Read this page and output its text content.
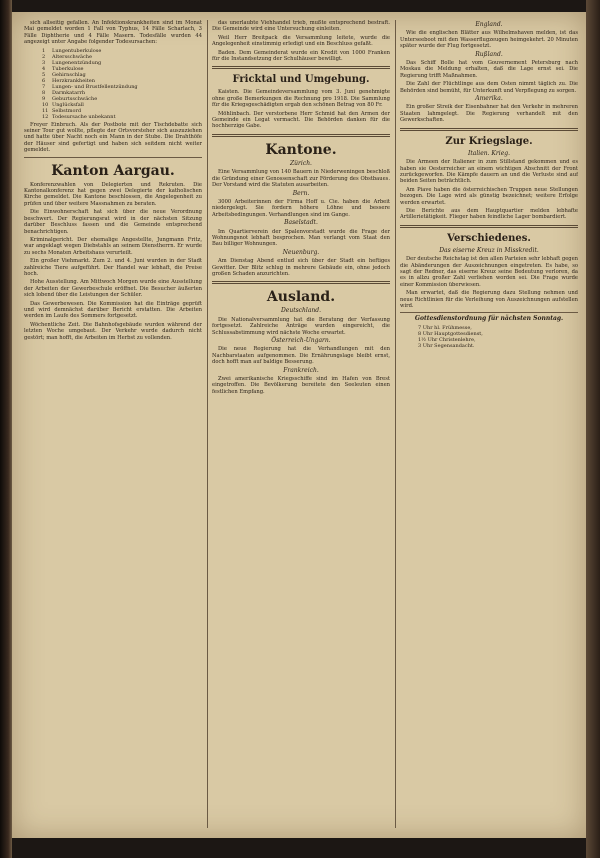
sich allseitig gefallen. An Infektionskrankheiten sind im Monat Mai gemeldet worden 1 Fall von Typhus, 14 Fälle Scharlach, 3 Fälle Diphtherie und 4 Fälle Masern. Todesfälle wurden 44 angezeigt unter Angabe folgender Todesursachen:

1 Lungentuberkulose
2 Altersschwäche
3 Lungenentzündung
4 Tuberkulose
5 Gehirnschlag
6 Herzkrankheiten
7 Lungen- und Brustfellentzündung
8 Darmkatarrh
9 Geburtsschwäche
10 Unglücksfall
11 Selbstmord
12 Todesursache unbekannt

Freyer Einbruch. Als der Postbote mit der Tischdebatte sich seiner Tour gut wollte, pflegte der Ortsvorsteher sich auszuziehen und hatte über Nacht noch ein Mann in der Stube. Die Drahthöfe der Häuser sind gefertigt und haben sich seitdem nicht weiter gemeldet.

Kanton Aargau.

Konferenzwahlen von Delegierten und Rekruten. Die Kantonalkonferenz hat gegen zwei Delegierte der katholischen Kirche gemeldet. Die Kantone beschlossen, die Angelegenheit zu prüfen und über weitere Massnahmen zu beraten.

Die Einwohnerschaft hat sich über die neue Verordnung beschwert. Der Regierungsrat wird in der nächsten Sitzung darüber Beschluss fassen und die Gemeinde entsprechend benachrichtigen.

Kriminalgericht. Der ehemalige Angestellte, Jungmann Fritz, war angeklagt wegen Diebstahls an seinem Dienstherrn. Er wurde zu sechs Monaten Arbeitshaus verurteilt.

Ein großer Viehmarkt. Zum 2. und 4. Juni wurden in der Stadt zahlreiche Tiere aufgeführt. Der Handel war lebhaft, die Preise hoch.

Hohe Ausstellung. Am Mittwoch Morgen wurde eine Ausstellung der Arbeiten der Gewerbeschule eröffnet. Die Besucher äußerten sich lobend über die Leistungen der Schüler.

Das Gewerbewesen. Die Kommission hat die Einträge geprüft und wird demnächst darüber Bericht erstatten. Die Arbeiten werden im Laufe des Sommers fortgesetzt.

Wöchentliche Zeit. Die Bahnhofsgebäude wurden während der letzten Woche umgebaut. Der Verkehr wurde dadurch nicht gestört; man hofft, die Arbeiten im Herbst zu vollenden.

das unerlaubte Viehhandel trieb, mußte entsprechend bestraft. Die Gemeinde wird eine Untersuchung einleiten.

Weil Herr Breitpack die Versammlung leitete, wurde die Angelegenheit einstimmig erledigt und ein Beschluss gefaßt.

Baden. Dem Gemeinderat wurde ein Kredit von 1000 Franken für die Instandsetzung der Schulhäuser bewilligt.

Fricktal und Umgebung.

Kaisten. Die Gemeindeversammlung vom 3. Juni genehmigte ohne große Bemerkungen die Rechnung pro 1918. Die Sammlung für die Kriegsgeschädigten ergab den schönen Betrag von 80 Fr.

Möhlinbach. Der verstorbene Herr Schmid hat den Armen der Gemeinde ein Legat vermacht. Die Behörden danken für die hochherzige Gabe.

Kantone.
Zürich.

Eine Versammlung von 140 Bauern in Niederweningen beschloß die Gründung einer Genossenschaft zur Förderung des Obstbaues. Der Vorstand wird die Statuten ausarbeiten.

Bern.

3000 Arbeiterinnen der Firma Hoff u. Cie. haben die Arbeit niedergelegt. Sie fordern höhere Löhne und bessere Arbeitsbedingungen. Verhandlungen sind im Gange.

Baselstadt.

Im Quartierverein der Spalenvorstadt wurde die Frage der Wohnungsnot lebhaft besprochen. Man verlangt vom Staat den Bau billiger Wohnungen.

Neuenburg.

Am Dienstag Abend entlud sich über der Stadt ein heftiges Gewitter. Der Blitz schlug in mehrere Gebäude ein, ohne jedoch großen Schaden anzurichten.

Ausland.
Deutschland.

Die Nationalversammlung hat die Beratung der Verfassung fortgesetzt. Zahlreiche Anträge wurden eingereicht, die Schlussabstimmung wird nächste Woche erwartet.

Österreich-Ungarn.

Die neue Regierung hat die Verhandlungen mit den Nachbarstaaten aufgenommen. Die Ernährungslage bleibt ernst, doch hofft man auf baldige Besserung.

Frankreich.

Zwei amerikanische Kriegsschiffe sind im Hafen von Brest eingetroffen. Die Bevölkerung bereitete den Seeleuten einen festlichen Empfang.

England.

Wie die englischen Blätter aus Wilhelmshaven melden, ist das Unterseeboot mit den Wasserflugzeugen heimgekehrt. 20 Minuten später wurde der Flug fortgesetzt.

Rußland.

Das Schiff Bolle hat vom Gouvernement Petersburg nach Moskau die Meldung erhalten, daß die Lage ernst sei. Die Regierung trifft Maßnahmen.

Die Zahl der Flüchtlinge aus dem Osten nimmt täglich zu. Die Behörden sind bemüht, für Unterkunft und Verpflegung zu sorgen.

Amerika.

Ein großer Streik der Eisenbahner hat den Verkehr in mehreren Staaten lahmgelegt. Die Regierung verhandelt mit den Gewerkschaften.

Zur Kriegslage.
Italien. Krieg.

Die Armeen der Italiener in zum Stillstand gekommen und es haben sie Oesterreicher an einem wichtigen Abschnitt der Front zurückgeworfen. Die Kämpfe dauern an und die Verluste sind auf beiden Seiten beträchtlich.

Am Piave haben die österreichischen Truppen neue Stellungen bezogen. Die Lage wird als günstig bezeichnet; weitere Erfolge werden erwartet.

Die Berichte aus dem Hauptquartier melden lebhafte Artillerietätigkeit. Flieger haben feindliche Lager bombardiert.

Verschiedenes.
Das eiserne Kreuz in Misskredit.

Der deutsche Reichstag ist den allen Parteien sehr lebhaft gegen die Abänderungen der Auszeichnungen eingetreten. Es habe, so sagt der Redner, das eiserne Kreuz seine Bedeutung verloren, da es in allzu großer Zahl verliehen worden sei. Die Frage wurde einer Kommission überwiesen.

Man erwartet, daß die Regierung dazu Stellung nehmen und neue Richtlinien für die Verleihung von Auszeichnungen aufstellen wird.

Gottesdienstordnung für nächsten Sonntag.
7 Uhr hl. Frühmesse,
8 Uhr Hauptgottesdienst,
1½ Uhr Christenlehre,
3 Uhr Segensandacht.
